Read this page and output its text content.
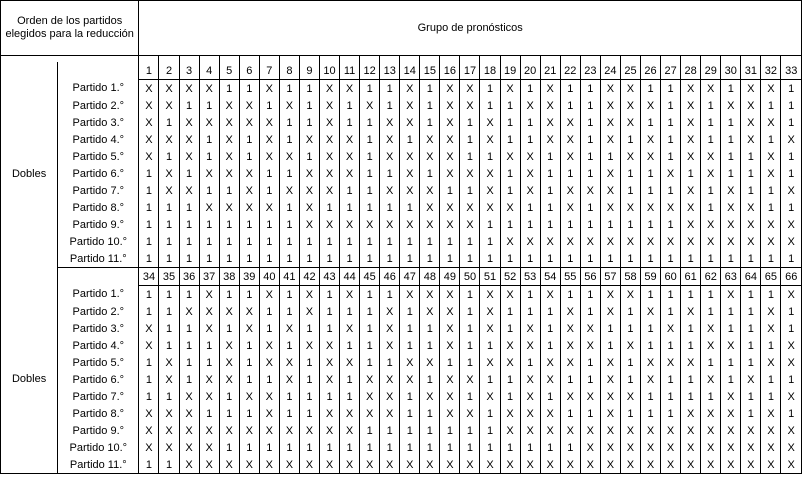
Orden de los partidos elegidos para la reducción		Grupo de pronósticos																																

Dobles		1	2	3	4	5	6	7	8	9	10	11	12	13	14	15	16	17	18	19	20	21	22	23	24	25	26	27	28	29	30	31	32	33
	Partido 1.°	X	X	X	X	1	1	X	1	1	X	X	1	1	X	1	X	X	1	X	1	X	1	1	X	X	1	1	X	X	1	X	X	1
	Partido 2.°	X	X	1	1	X	X	1	X	1	X	1	X	1	X	1	X	X	1	1	X	X	1	1	X	X	X	1	X	1	X	X	1	1
	Partido 3.°	X	1	X	X	X	X	X	1	1	X	1	1	X	X	1	X	1	X	1	1	X	X	1	X	X	1	1	X	1	1	X	X	1
	Partido 4.°	X	X	X	1	X	1	X	1	X	X	X	1	X	1	X	X	1	X	1	1	X	X	1	X	1	X	1	X	1	1	X	1	X
	Partido 5.°	X	1	X	1	X	1	X	X	1	X	X	1	X	X	X	X	1	1	X	X	1	X	1	1	X	X	1	X	X	1	1	X	1
	Partido 6.°	1	X	1	X	X	X	1	1	X	X	X	1	1	X	1	X	X	X	1	X	1	1	1	X	1	1	X	1	X	1	1	X	1
	Partido 7.°	1	X	X	1	1	X	1	X	X	X	1	1	X	X	X	1	1	X	1	X	1	X	X	X	1	1	1	X	1	X	1	1	X
	Partido 8.°	1	1	1	X	X	X	X	1	X	1	1	1	1	1	X	X	X	X	X	1	1	X	1	X	X	X	X	X	1	X	X	1	1
	Partido 9.°	1	1	1	1	1	1	1	1	X	X	X	X	X	X	X	X	X	1	1	1	1	1	1	1	1	1	1	X	X	X	X	X	X
	Partido 10.°	1	1	1	1	1	1	1	1	1	1	1	1	1	1	1	1	1	1	X	X	X	X	X	X	X	X	X	X	X	X	X	X	X
	Partido 11.°	1	1	1	1	1	1	1	1	1	1	1	1	1	1	1	1	1	1	1	1	1	1	1	1	1	1	1	1	1	1	1	1	1
Dobles		34	35	36	37	38	39	40	41	42	43	44	45	46	47	48	49	50	51	52	53	54	55	56	57	58	59	60	61	62	63	64	65	66
	Partido 1.°	1	1	1	X	1	1	X	1	X	1	X	1	1	X	X	X	1	X	X	1	X	1	1	X	X	1	1	1	1	X	1	1	X
	Partido 2.°	1	1	X	X	X	X	1	1	X	1	1	1	X	1	X	X	1	X	1	1	1	X	1	X	1	X	1	X	1	1	1	X	1
	Partido 3.°	X	1	1	X	1	X	1	X	1	1	X	1	X	1	1	X	1	X	1	X	1	X	X	1	1	1	X	1	X	1	1	X	1
	Partido 4.°	X	1	1	1	X	1	X	1	X	X	1	1	X	1	1	X	1	1	X	X	1	X	X	1	X	1	1	1	X	X	1	1	X
	Partido 5.°	1	X	1	1	X	1	X	X	1	X	X	1	1	X	X	1	1	X	X	1	X	X	1	X	1	X	X	X	1	1	1	X	X
	Partido 6.°	1	X	1	X	X	1	1	X	1	X	1	X	X	X	1	X	X	1	1	X	X	1	1	X	1	X	1	1	X	1	X	1	1
	Partido 7.°	1	1	X	X	1	X	X	1	1	1	1	X	X	1	X	X	1	X	1	X	1	X	X	X	X	1	1	1	1	X	1	1	X
	Partido 8.°	X	X	X	1	1	1	X	1	1	X	X	X	X	1	1	X	X	1	X	X	X	1	1	X	1	1	1	X	X	X	1	X	1
	Partido 9.°	X	X	X	X	X	X	X	X	X	X	X	1	1	1	1	1	1	1	X	X	X	X	X	X	X	X	X	X	X	X	X	X	X
	Partido 10.°	X	X	X	X	1	1	1	1	1	1	1	1	1	1	1	1	1	1	1	1	1	1	X	X	X	X	X	X	X	X	X	X	X
	Partido 11.°	1	1	X	X	X	X	X	X	X	X	X	X	X	X	X	X	X	X	X	X	X	X	X	X	X	X	X	X	X	X	X	X	X
